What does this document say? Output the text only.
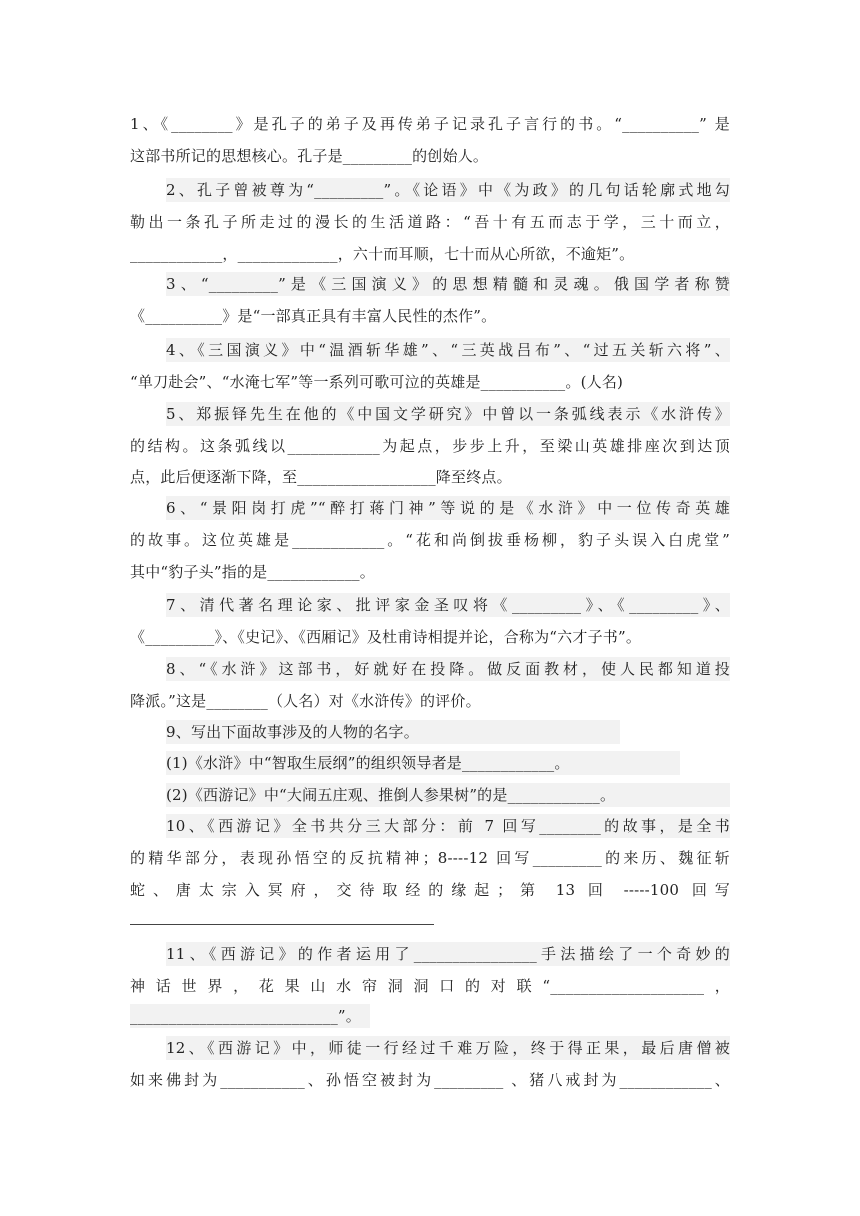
1、《________》是孔子的弟子及再传弟子记录孔子言行的书。“__________” 是
这部书所记的思想核心。孔子是_________的创始人。
2、孔子曾被尊为“_________”。《论语》中《为政》的几句话轮廓式地勾
勒出一条孔子所走过的漫长的生活道路：“吾十有五而志于学，三十而立，
____________，_____________，六十而耳顺，七十而从心所欲，不逾矩”。
3、“_________”是《三国演义》的思想精髓和灵魂。俄国学者称赞
《__________》是“一部真正具有丰富人民性的杰作”。
4、《三国演义》中“温酒斩华雄”、“三英战吕布”、“过五关斩六将”、
“单刀赴会”、“水淹七军”等一系列可歌可泣的英雄是___________。(人名)
5、郑振铎先生在他的《中国文学研究》中曾以一条弧线表示《水浒传》
的结构。这条弧线以____________为起点，步步上升，至梁山英雄排座次到达顶
点，此后便逐渐下降，至__________________降至终点。
6、“景阳岗打虎”“醉打蒋门神”等说的是《水浒》中一位传奇英雄
的故事。这位英雄是____________。“花和尚倒拔垂杨柳，豹子头误入白虎堂”
其中“豹子头”指的是____________。
7、清代著名理论家、批评家金圣叹将《_________》、《_________》、
《_________》、《史记》、《西厢记》及杜甫诗相提并论，合称为“六才子书”。
8、“《水浒》这部书，好就好在投降。做反面教材，使人民都知道投
降派。”这是________（人名）对《水浒传》的评价。
9、写出下面故事涉及的人物的名字。
(1)《水浒》中“智取生辰纲”的组织领导者是____________。
(2)《西游记》中“大闹五庄观、推倒人参果树”的是____________。
10、《西游记》全书共分三大部分：前 7 回写________的故事，是全书
的精华部分，表现孙悟空的反抗精神；8----12 回写_________的来历、魏征斩
蛇、唐太宗入冥府，交待取经的缘起；第 13 回 -----100 回写
11、《西游记》的作者运用了________________手法描绘了一个奇妙的
神话世界，花果山水帘洞洞口的对联“____________________，
___________________________”。
12、《西游记》中，师徒一行经过千难万险，终于得正果，最后唐僧被
如来佛封为___________、孙悟空被封为_________ 、猪八戒封为____________、
